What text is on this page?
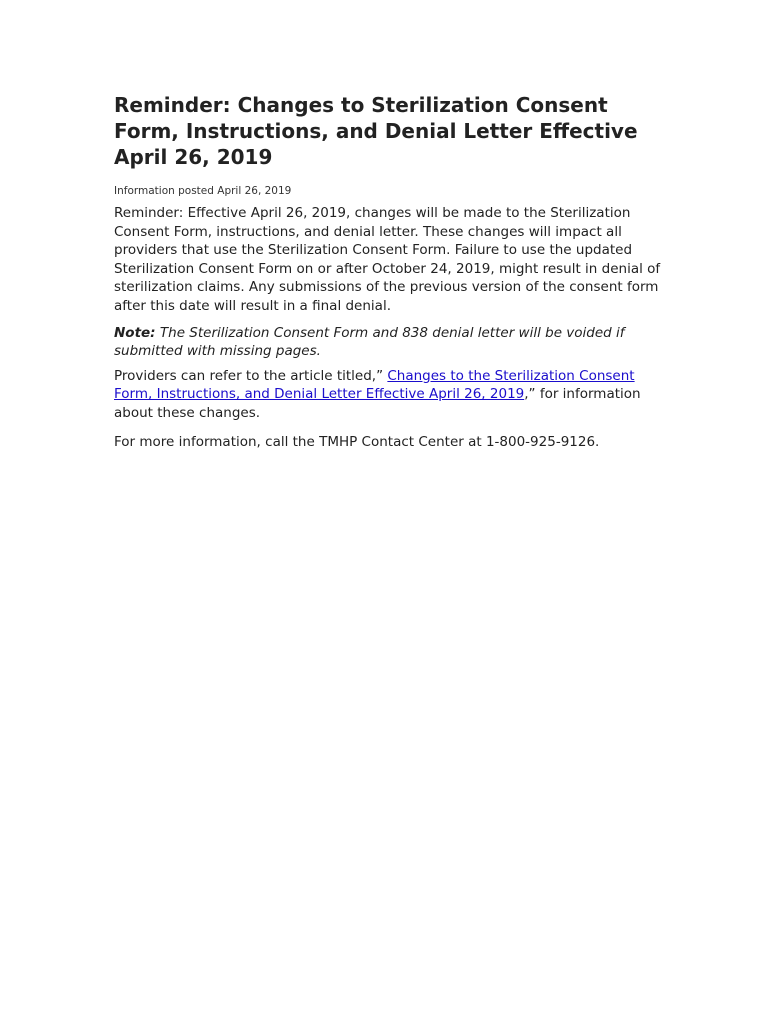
Reminder: Changes to Sterilization Consent Form, Instructions, and Denial Letter Effective April 26, 2019

Information posted April 26, 2019

Reminder: Effective April 26, 2019, changes will be made to the Sterilization Consent Form, instructions, and denial letter. These changes will impact all providers that use the Sterilization Consent Form. Failure to use the updated Sterilization Consent Form on or after October 24, 2019, might result in denial of sterilization claims. Any submissions of the previous version of the consent form after this date will result in a final denial.

Note: The Sterilization Consent Form and 838 denial letter will be voided if submitted with missing pages.

Providers can refer to the article titled,” Changes to the Sterilization Consent Form, Instructions, and Denial Letter Effective April 26, 2019,” for information about these changes.

For more information, call the TMHP Contact Center at 1-800-925-9126.
